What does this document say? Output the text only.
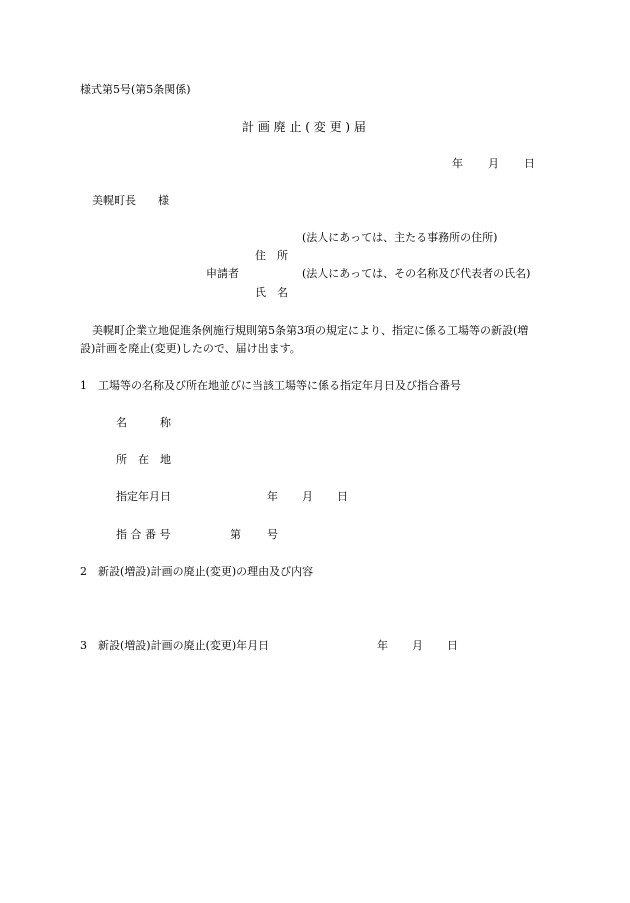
様式第5号(第5条関係)
計 画 廃 止 ( 変 更 ) 届
年 月 日
美幌町長　　様
(法人にあっては、主たる事務所の住所)
住　所
申請者	(法人にあっては、その名称及び代表者の氏名)
氏　名
美幌町企業立地促進条例施行規則第5条第3項の規定により、指定に係る工場等の新設(増
設)計画を廃止(変更)したので、届け出ます。
1　工場等の名称及び所在地並びに当該工場等に係る指定年月日及び指合番号
名　　　称
所　在　地
指定年月日	年 月 日
指 合 番 号	第 号
2　新設(増設)計画の廃止(変更)の理由及び内容
3　新設(増設)計画の廃止(変更)年月日	年 月 日
